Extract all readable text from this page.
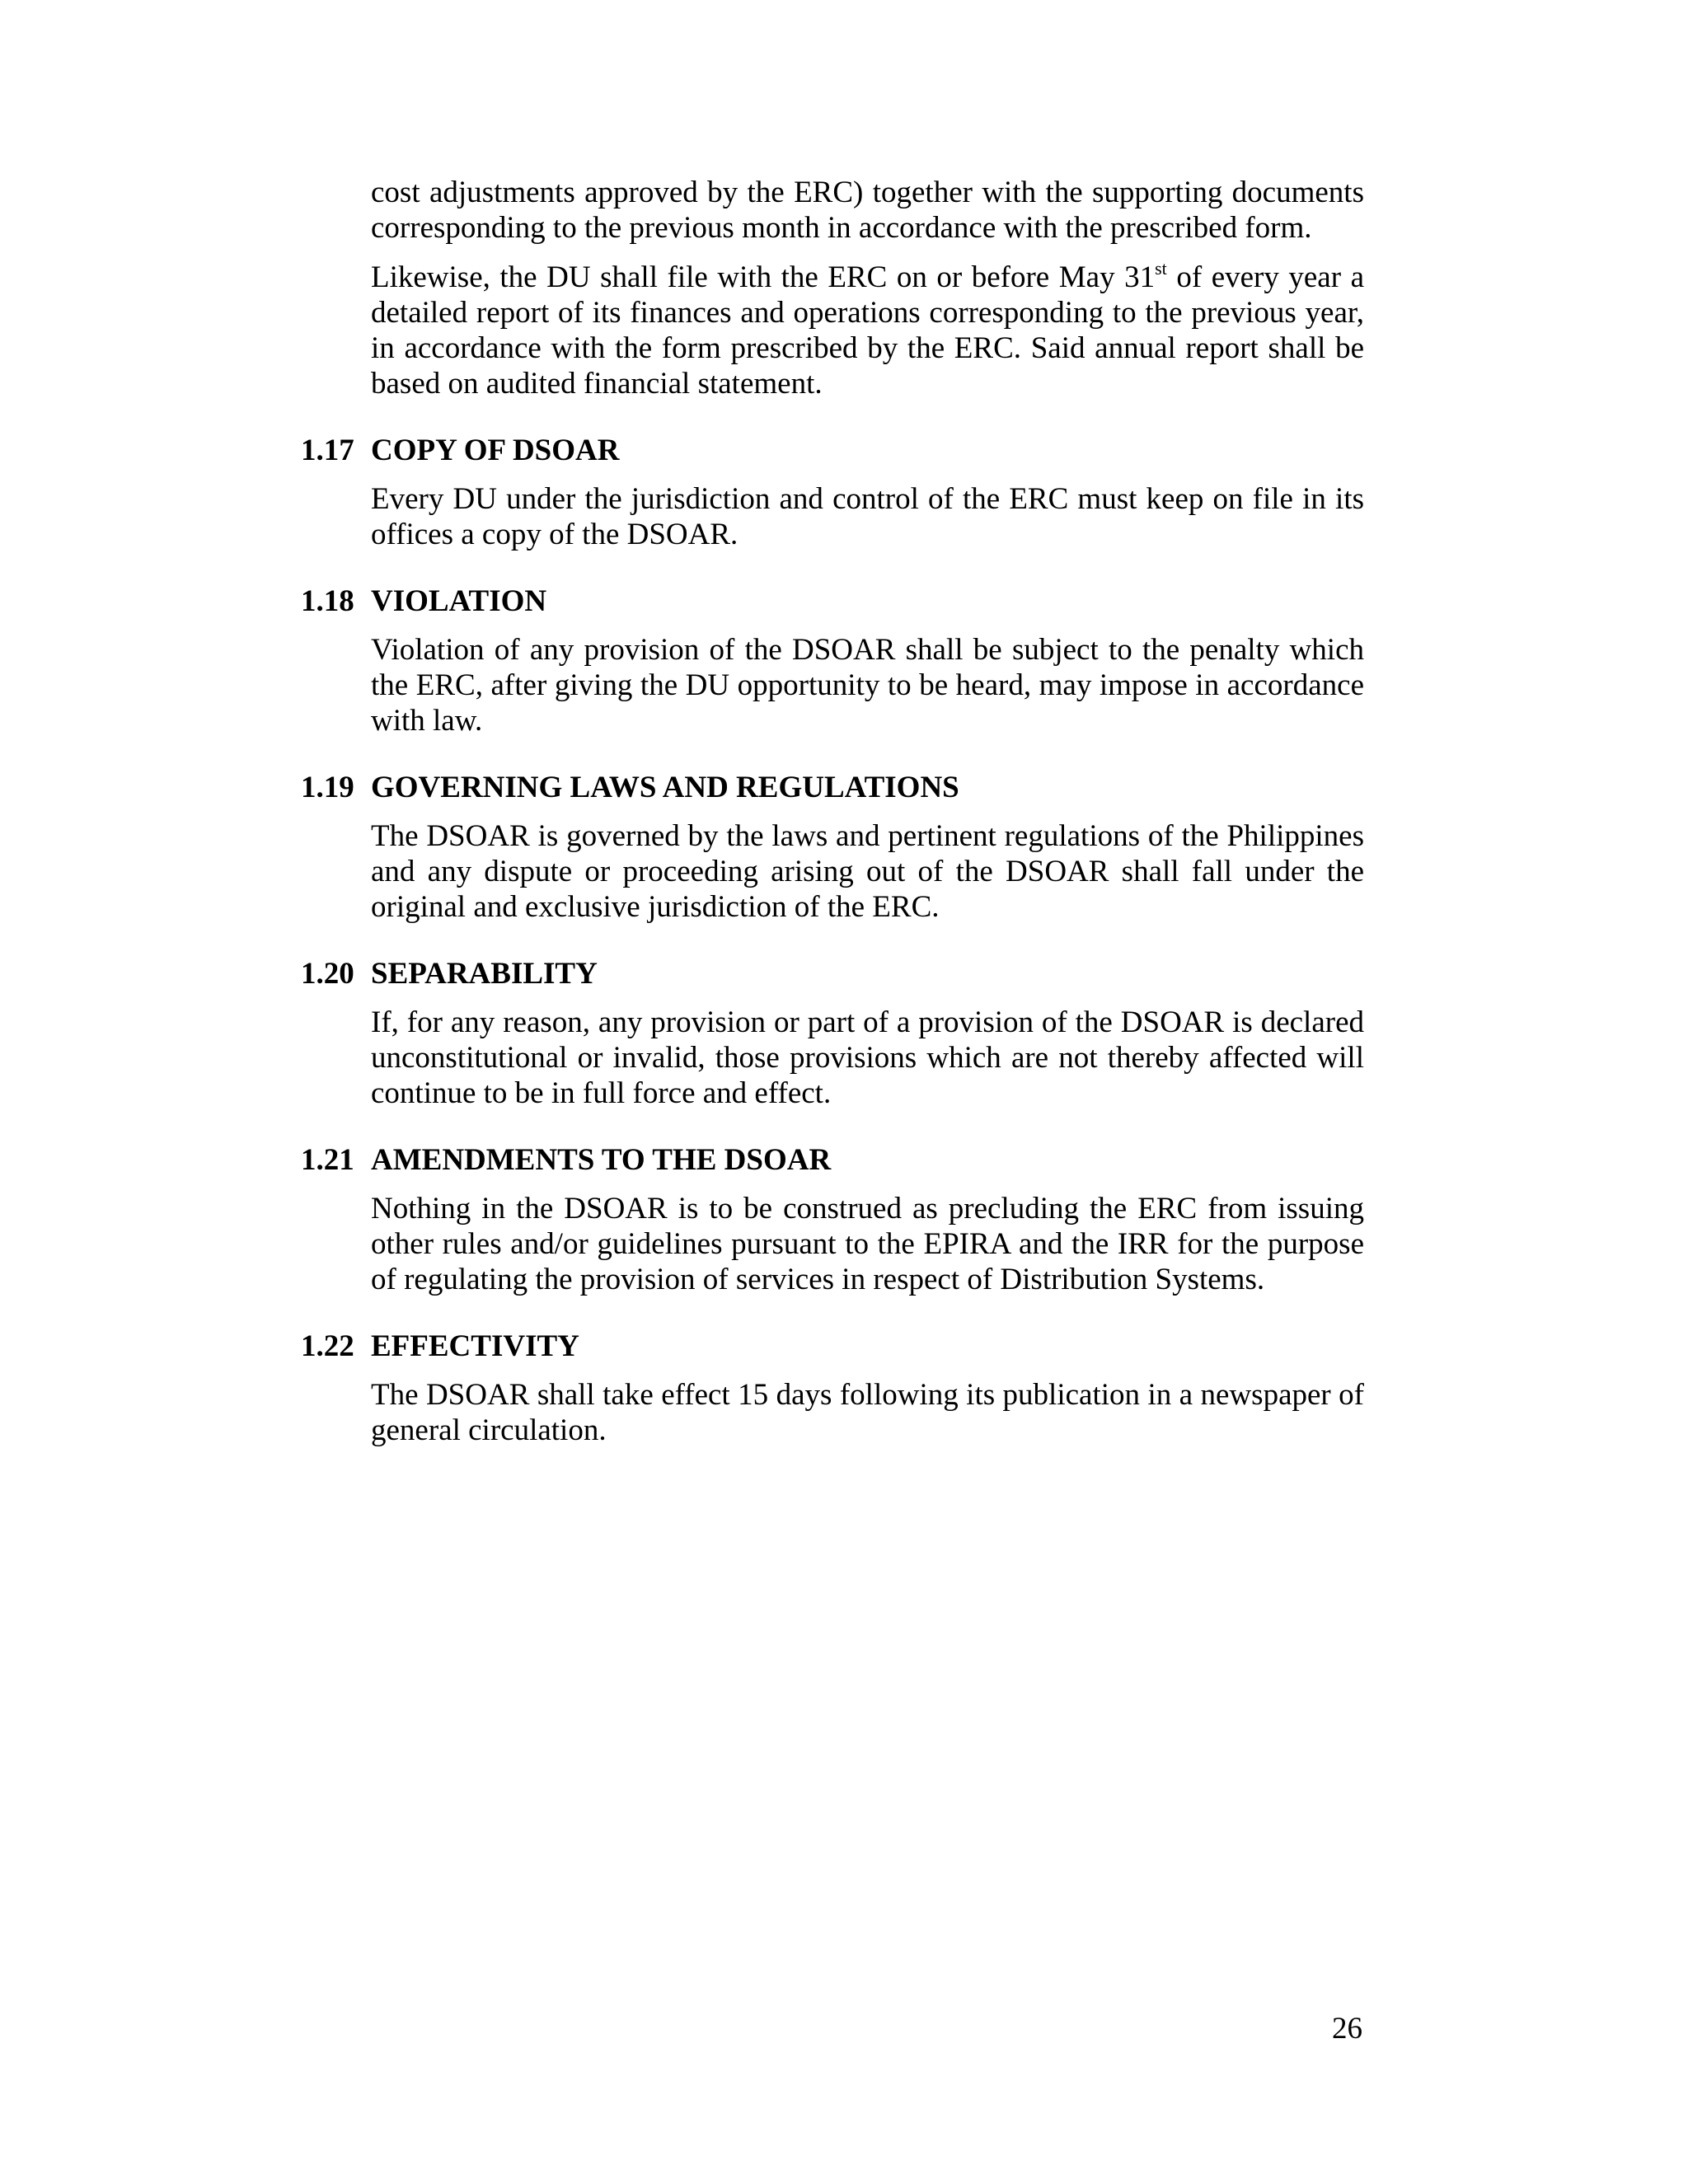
cost adjustments approved by the ERC) together with the supporting documents corresponding to the previous month in accordance with the prescribed form.

Likewise, the DU shall file with the ERC on or before May 31st of every year a detailed report of its finances and operations corresponding to the previous year, in accordance with the form prescribed by the ERC. Said annual report shall be based on audited financial statement.

1.17 COPY OF DSOAR

Every DU under the jurisdiction and control of the ERC must keep on file in its offices a copy of the DSOAR.

1.18 VIOLATION

Violation of any provision of the DSOAR shall be subject to the penalty which the ERC, after giving the DU opportunity to be heard, may impose in accordance with law.

1.19 GOVERNING LAWS AND REGULATIONS

The DSOAR is governed by the laws and pertinent regulations of the Philippines and any dispute or proceeding arising out of the DSOAR shall fall under the original and exclusive jurisdiction of the ERC.

1.20 SEPARABILITY

If, for any reason, any provision or part of a provision of the DSOAR is declared unconstitutional or invalid, those provisions which are not thereby affected will continue to be in full force and effect.

1.21 AMENDMENTS TO THE DSOAR

Nothing in the DSOAR is to be construed as precluding the ERC from issuing other rules and/or guidelines pursuant to the EPIRA and the IRR for the purpose of regulating the provision of services in respect of Distribution Systems.

1.22 EFFECTIVITY

The DSOAR shall take effect 15 days following its publication in a newspaper of general circulation.

26
